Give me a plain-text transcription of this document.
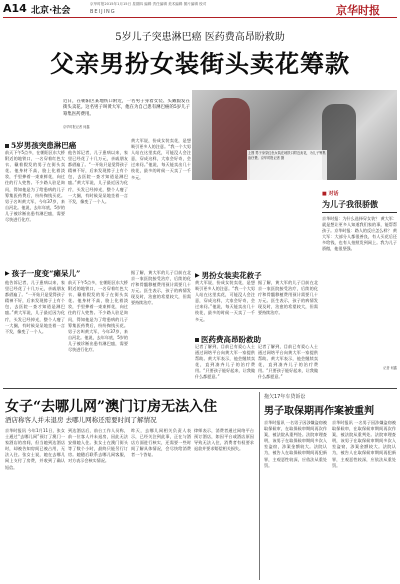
A14 北京·社会
京华时报2015年1月15日 星期四 编辑 责任编辑 美术编辑 图片编辑 校对
BEIJING	京华时报
5岁儿子突患淋巴癌 医药费高昂盼救助
父亲男扮女装街头卖花筹款
近日，在朝阳区某地铁口附近，一名男子身着女装、头戴假发在街头卖花。这名男子叫黄大军，他在为自己患有淋巴癌的5岁儿子筹集医药费用。
京华时报记者 何鑫
上图 男子身穿红色女装在地铁口附近卖花，为儿子筹集治疗费。京华时报记者 摄
5岁男孩突患淋巴癌
前天下午5点多，在朝阳区东大桥附近的地铁口，一名穿着红色大衣、戴着假发的男子在街头卖花。他身材不高，脸上化着淡妆，手里捧着一束束鲜花，向过往的行人兜售。不少路人驻足询问，得知他是为了给患病的儿子筹集医药费后，纷纷掏钱买花。男子名叫黄大军，今年37岁，来自河北。他说，去年年底，5岁的儿子被诊断出患有淋巴癌，需要尽快进行化疗。
他告诉记者，儿子患病以来，家里已经花了十几万元，亲戚朋友都借遍了。“一开始只是觉得孩子精神不好，后来发现脖子上有个包，去医院一查才知道是淋巴癌。”黄大军说，儿子最近因为化疗，头发已经掉光，整个人瘦了一大圈，有时候呆呆地坐着一言不发，像变了一个人。
黄大军说，扮成女装卖花，是想吸引更多人的注意。“我一个大男人站在这里卖花，可能没人会注意，穿成这样，大家会好奇，会过来问。”他说，每天能卖出几十枝花，最多的时候一天卖了一千多元。
▶ 孩子一度变“瘫呆儿”
他告诉记者，儿子患病以来，家里已经花了十几万元，亲戚朋友都借遍了。“一开始只是觉得孩子精神不好，后来发现脖子上有个包，去医院一查才知道是淋巴癌。”黄大军说，儿子最近因为化疗，头发已经掉光，整个人瘦了一大圈，有时候呆呆地坐着一言不发，像变了一个人。
前天下午5点多，在朝阳区东大桥附近的地铁口，一名穿着红色大衣、戴着假发的男子在街头卖花。他身材不高，脸上化着淡妆，手里捧着一束束鲜花，向过往的行人兜售。不少路人驻足询问，得知他是为了给患病的儿子筹集医药费后，纷纷掏钱买花。男子名叫黄大军，今年37岁，来自河北。他说，去年年底，5岁的儿子被诊断出患有淋巴癌，需要尽快进行化疗。
据了解，黄大军的儿子目前在北京一家医院接受治疗，后续的化疗和骨髓移植费用预计需要几十万元。医生表示，孩子的病情发现及时，治愈的希望较大，但需要持续治疗。
▶ 男扮女装卖花救子
黄大军说，扮成女装卖花，是想吸引更多人的注意。“我一个大男人站在这里卖花，可能没人会注意，穿成这样，大家会好奇，会过来问。”他说，每天能卖出几十枝花，最多的时候一天卖了一千多元。
据了解，黄大军的儿子目前在北京一家医院接受治疗，后续的化疗和骨髓移植费用预计需要几十万元。医生表示，孩子的病情发现及时，治愈的希望较大，但需要持续治疗。
医药费高昂盼救助
记者了解到，目前已有爱心人士通过网络平台向黄大军一家提供帮助。黄大军表示，他会继续卖花，直到凑齐儿子的治疗费用。“只要孩子能好起来，让我做什么都愿意。”
记者了解到，目前已有爱心人士通过网络平台向黄大军一家提供帮助。黄大军表示，他会继续卖花，直到凑齐儿子的治疗费用。“只要孩子能好起来，让我做什么都愿意。”
■ 对话
为儿子我很骄傲
京华时报：为什么选择穿女装？ 黄大军：就是想让更多人知道我们家的事，能帮帮孩子。京华时报：路人的反应怎么样？ 黄大军：大部分人都很善良，有人买花后还多给钱，也有人拍照发到网上。我为儿子骄傲，他很坚强。
记者 何鑫
女子“去哪儿网”澳门订房无法入住
酒店称客人并未退房 去哪儿网称还需要时间了解情况
京华时报讯 今年1月11日，张女士通过“去哪儿网”预订了澳门一家酒店的房间，但当她到达酒店时，却被告知房间已被占用，无法入住。张女士说，她在去哪儿网上支付了房费，并收到了确认短信。
到达酒店后，前台工作人员称，前一位客人并未退房，因此无法安排她入住。张女士在澳门街头等了数个小时，最终只能另行订房。她随后联系去哪儿网客服，对方表示会核实情况。
昨天，去哪儿网相关负责人表示，已经关注到此事，正在与酒店方面进行核实，还需要一些时间了解具体情况，会尽快给消费者一个答复。
律师表示，消费者通过网络平台预订酒店，如因平台或酒店原因导致无法入住，消费者有权要求退款并要求赔偿相关损失。
拖欠17年车贷诉讼
男子取保期再作案被重判
京华时报讯 一名男子因涉嫌盗窃被取保候审，在取保候审期间再次作案，被法院从重判处。法院审理查明，该男子在取保候审期间多次入室盗窃，涉案金额较大。法院认为，被告人在取保候审期间再犯新罪，主观恶性较深，应依法从重处罚。
京华时报讯 一名男子因涉嫌盗窃被取保候审，在取保候审期间再次作案，被法院从重判处。法院审理查明，该男子在取保候审期间多次入室盗窃，涉案金额较大。法院认为，被告人在取保候审期间再犯新罪，主观恶性较深，应依法从重处罚。
